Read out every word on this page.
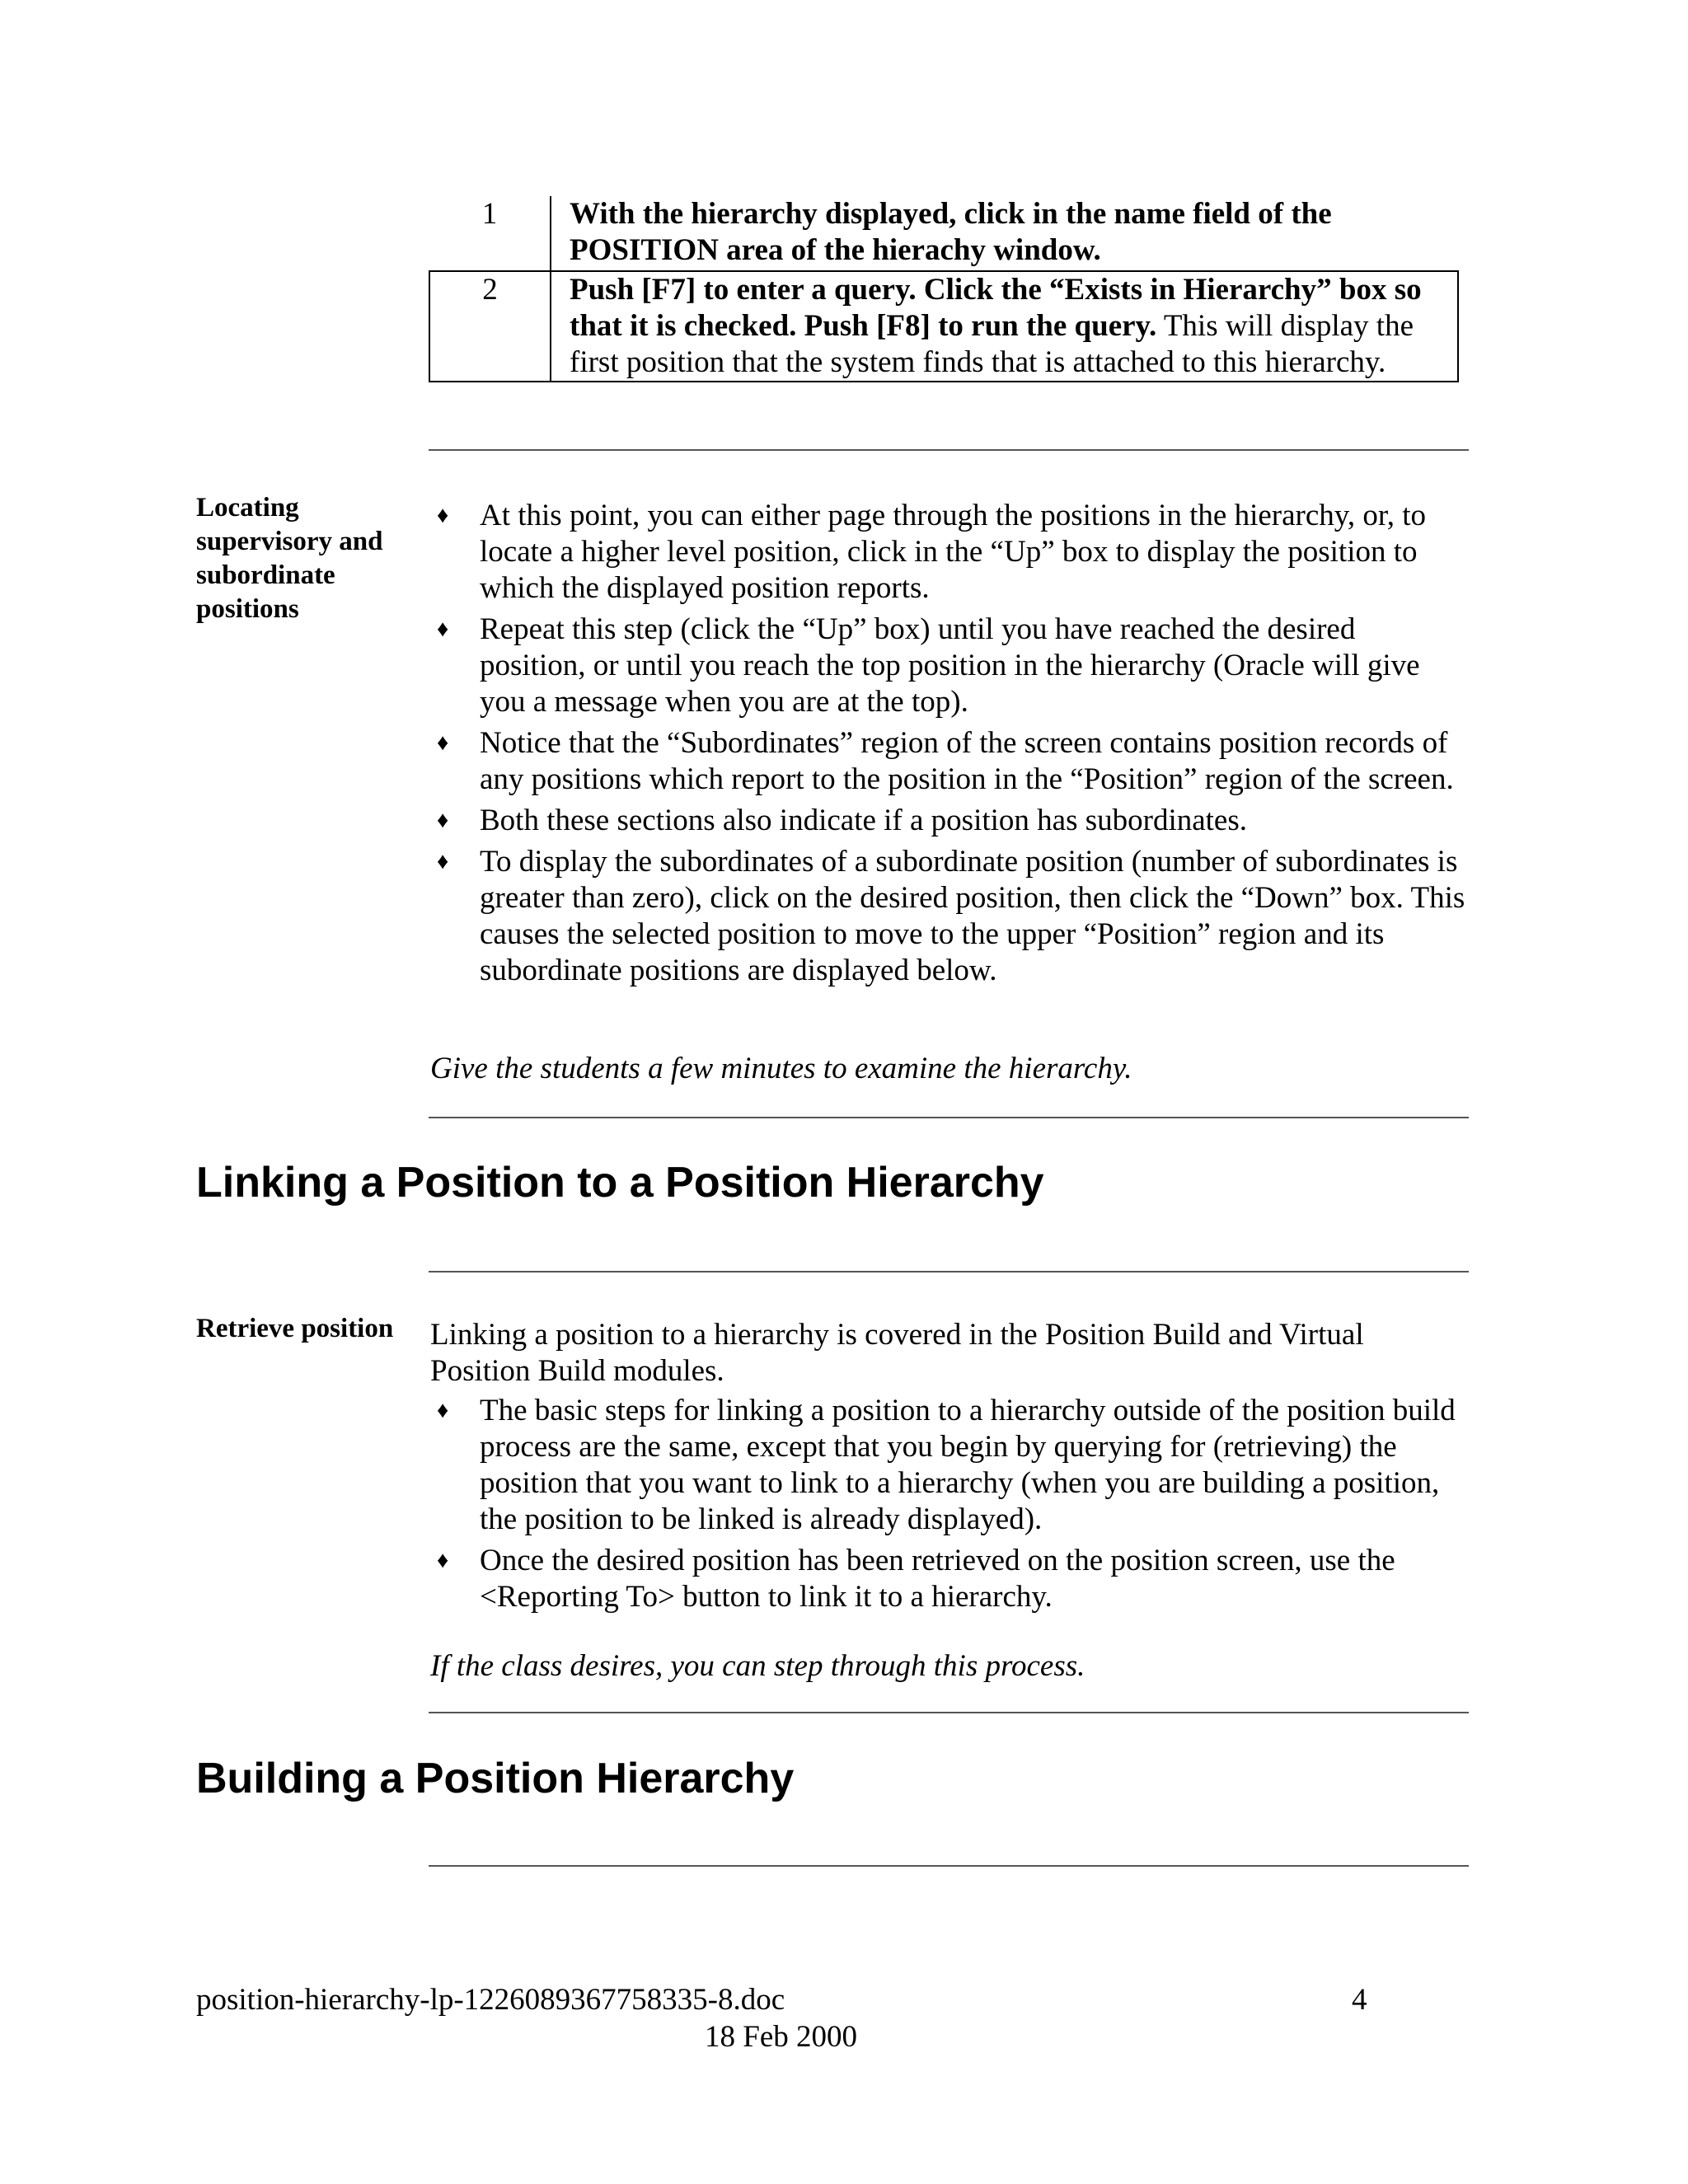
1	With the hierarchy displayed, click in the name field of the POSITION area of the hierachy window.
2	Push [F7] to enter a query. Click the “Exists in Hierarchy” box so that it is checked. Push [F8] to run the query. This will display the first position that the system finds that is attached to this hierarchy.
Locating supervisory and subordinate positions
♦ At this point, you can either page through the positions in the hierarchy, or, to locate a higher level position, click in the “Up” box to display the position to which the displayed position reports.
♦ Repeat this step (click the “Up” box) until you have reached the desired position, or until you reach the top position in the hierarchy (Oracle will give you a message when you are at the top).
♦ Notice that the “Subordinates” region of the screen contains position records of any positions which report to the position in the “Position” region of the screen.
♦ Both these sections also indicate if a position has subordinates.
♦ To display the subordinates of a subordinate position (number of subordinates is greater than zero), click on the desired position, then click the “Down” box. This causes the selected position to move to the upper “Position” region and its subordinate positions are displayed below.

Give the students a few minutes to examine the hierarchy.

Linking a Position to a Position Hierarchy
Retrieve position	Linking a position to a hierarchy is covered in the Position Build and Virtual Position Build modules.

♦ The basic steps for linking a position to a hierarchy outside of the position build process are the same, except that you begin by querying for (retrieving) the position that you want to link to a hierarchy (when you are building a position, the position to be linked is already displayed).
♦ Once the desired position has been retrieved on the position screen, use the <Reporting To> button to link it to a hierarchy.

If the class desires, you can step through this process.

Building a Position Hierarchy
position-hierarchy-lp-1226089367758335-8.doc	4
18 Feb 2000
